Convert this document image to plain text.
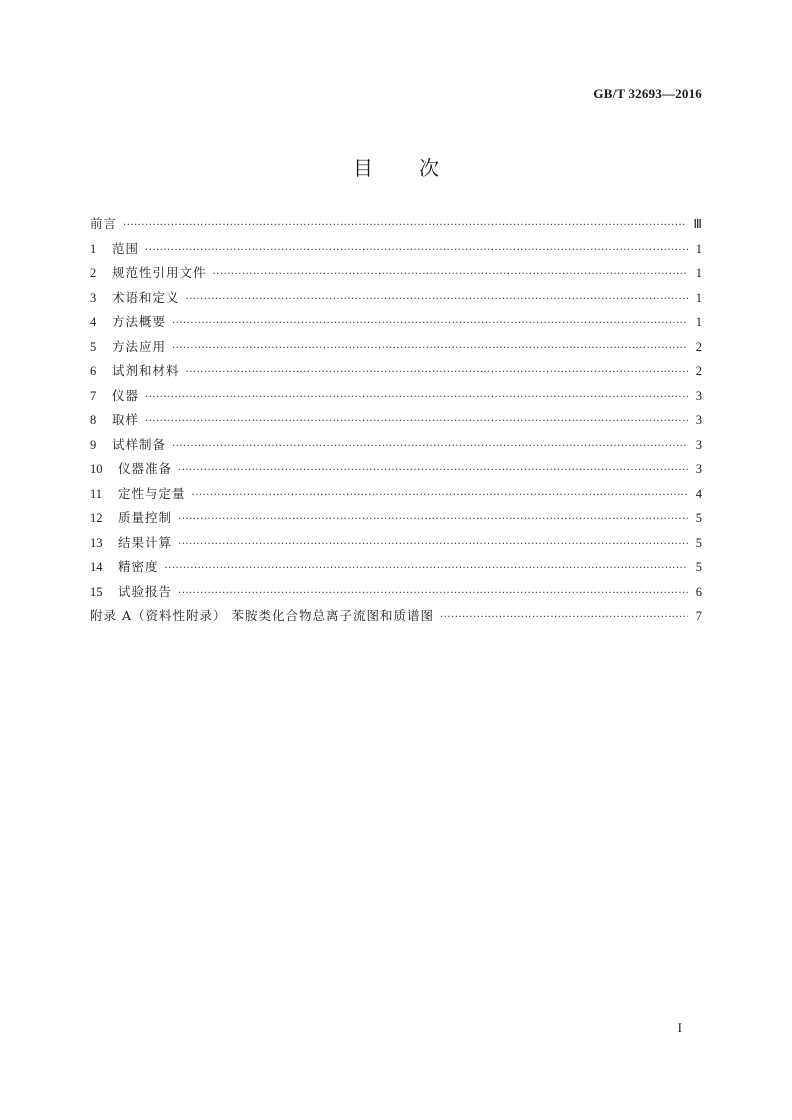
GB/T 32693—2016
目 次
前言 ·····	Ⅲ
1	范围 ·····	1
2	规范性引用文件 ·····	1
3	术语和定义 ·····	1
4	方法概要 ·····	1
5	方法应用 ·····	2
6	试剂和材料 ·····	2
7	仪器 ·····	3
8	取样 ·····	3
9	试样制备 ·····	3
10	仪器准备 ·····	3
11	定性与定量 ·····	4
12	质量控制 ·····	5
13	结果计算 ·····	5
14	精密度 ·····	5
15	试验报告 ·····	6
附录 A（资料性附录） 苯胺类化合物总离子流图和质谱图 ·····	7
I
